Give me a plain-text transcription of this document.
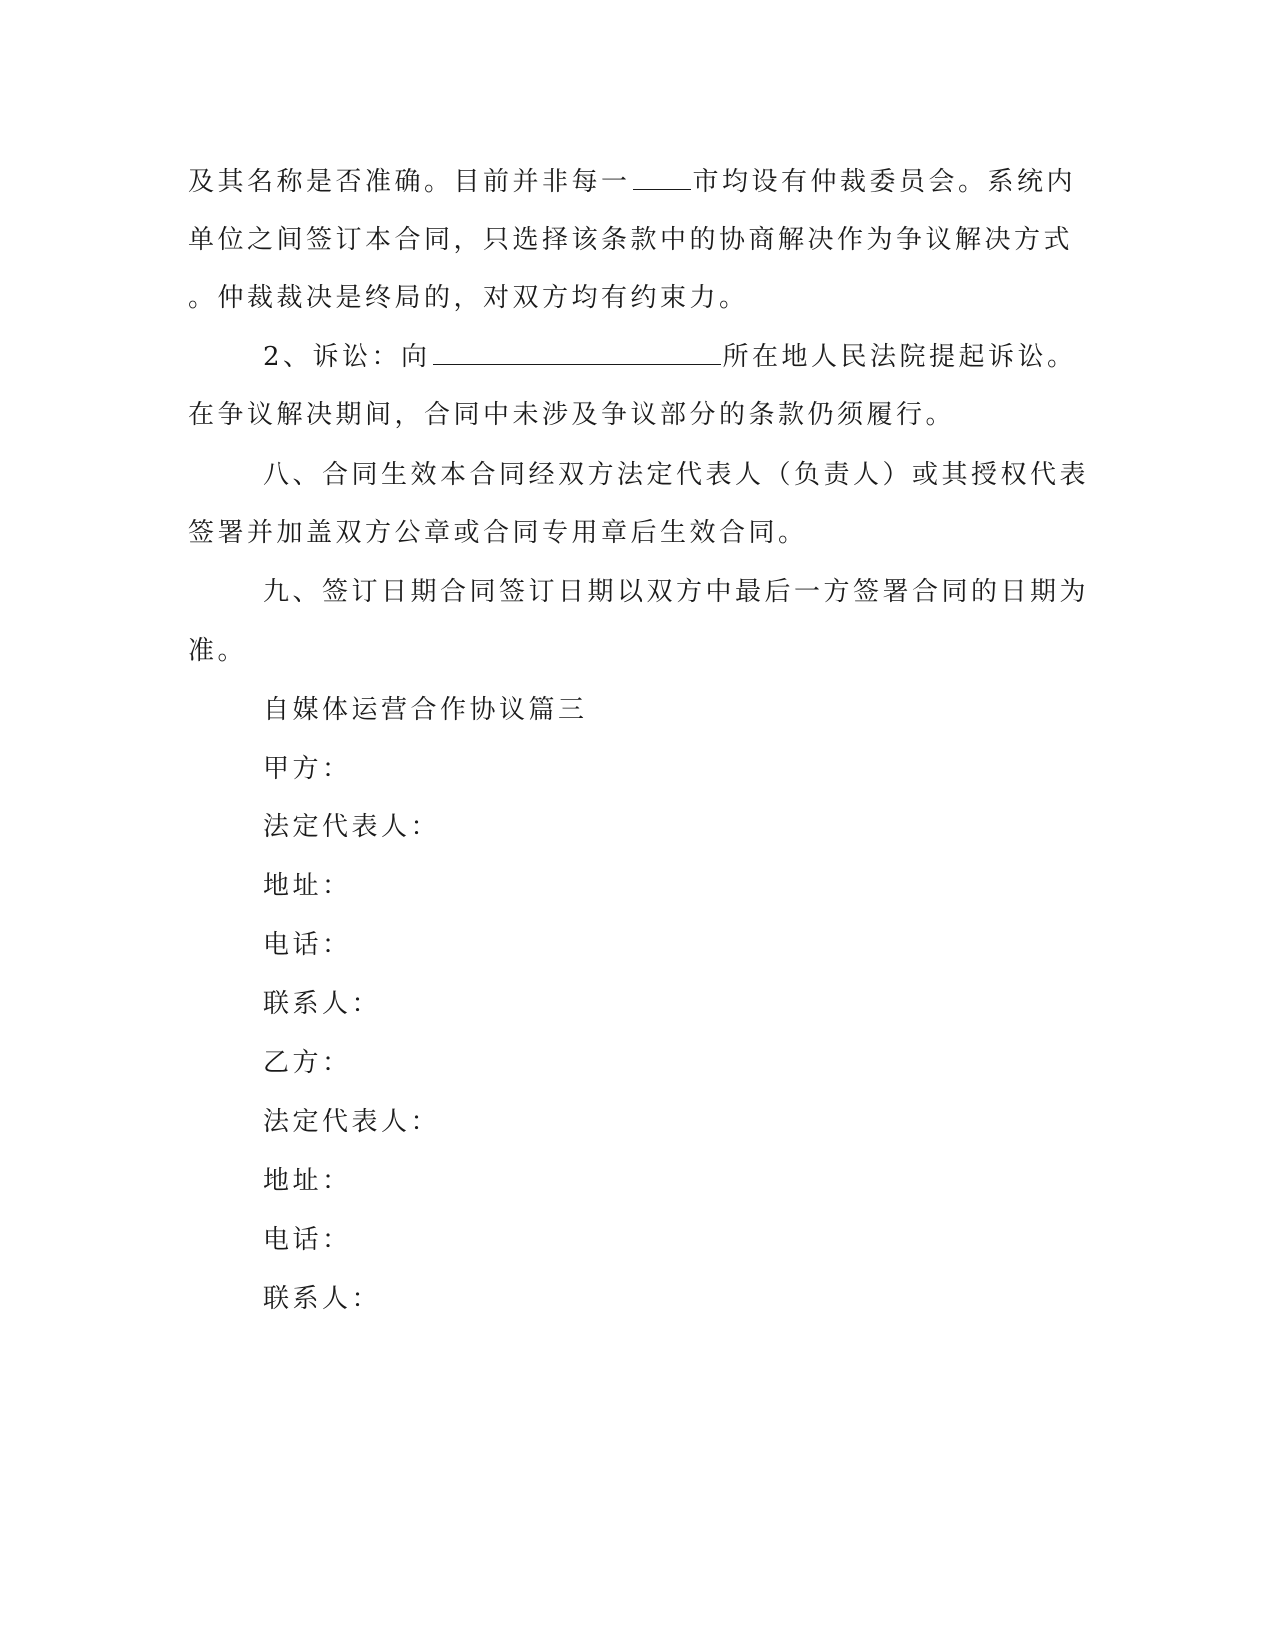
及其名称是否准确。目前并非每一 市均设有仲裁委员会。系统内
单位之间签订本合同，只选择该条款中的协商解决作为争议解决方式
。仲裁裁决是终局的，对双方均有约束力。
2、诉讼：向	所在地人民法院提起诉讼。
在争议解决期间，合同中未涉及争议部分的条款仍须履行。
八、合同生效本合同经双方法定代表人（负责人）或其授权代表
签署并加盖双方公章或合同专用章后生效合同。
九、签订日期合同签订日期以双方中最后一方签署合同的日期为
准。
自媒体运营合作协议篇三
甲方：
法定代表人：
地址：
电话：
联系人：
乙方：
法定代表人：
地址：
电话：
联系人：
